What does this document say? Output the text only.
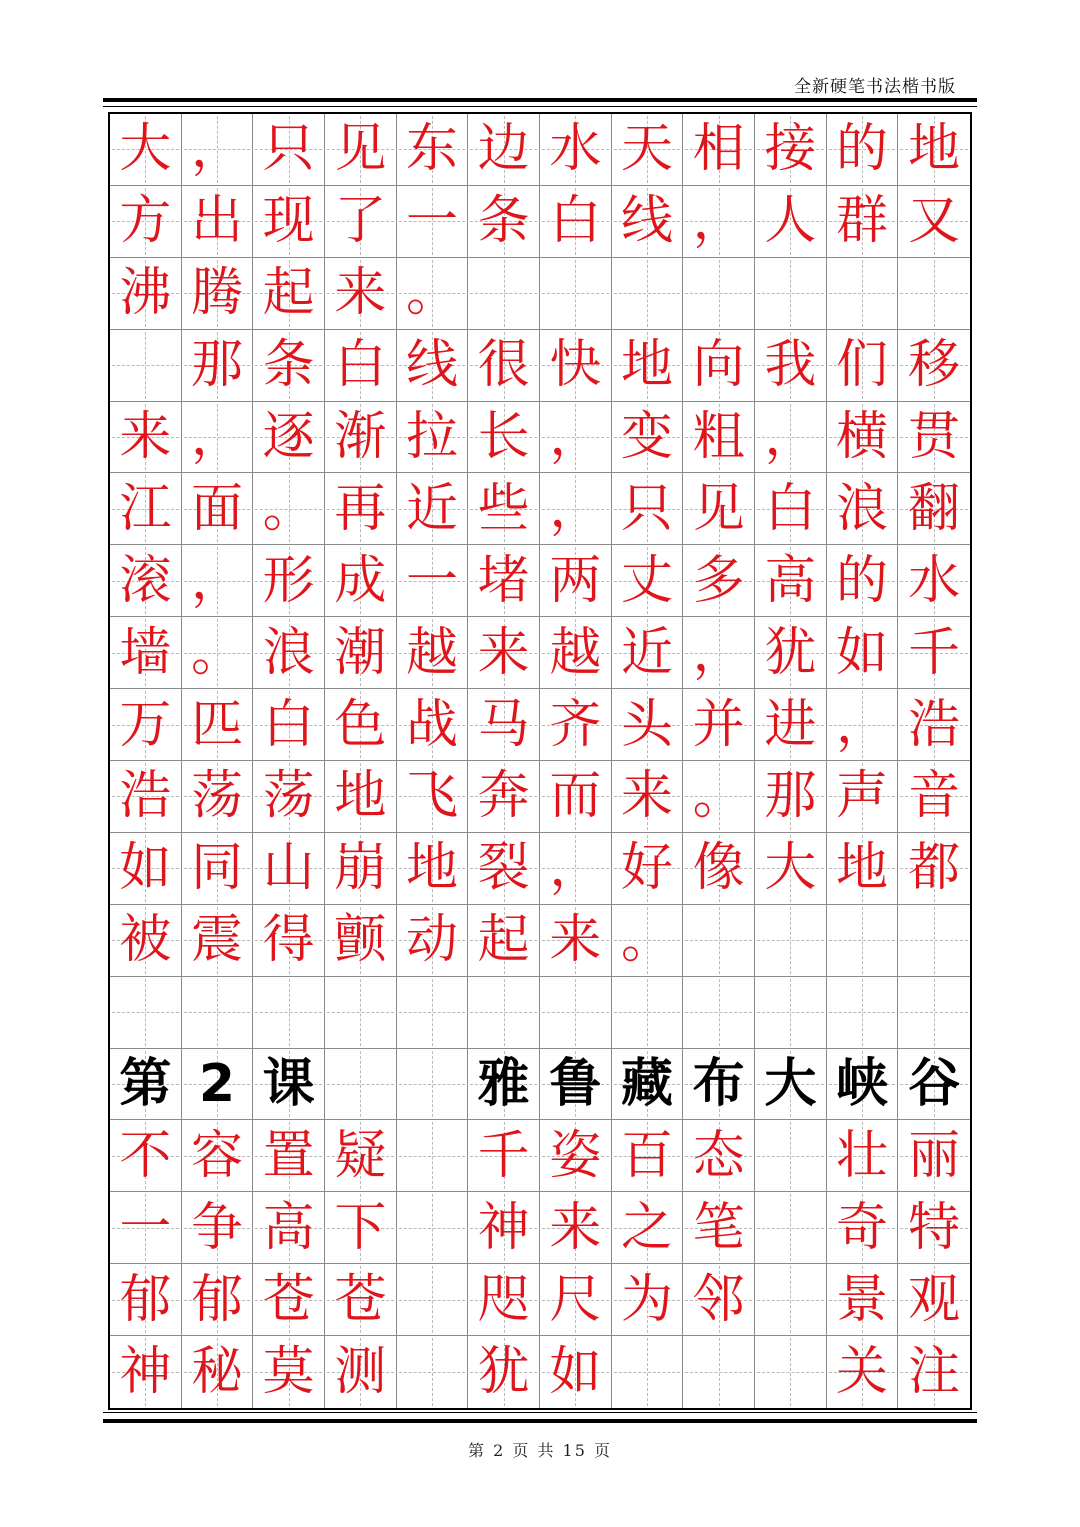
全新硬笔书法楷书版
大 ， 只 见 东 边 水 天 相 接 的 地
方 出 现 了 一 条 白 线 ， 人 群 又
沸 腾 起 来 。
那 条 白 线 很 快 地 向 我 们 移
来 ， 逐 渐 拉 长 ， 变 粗 ， 横 贯
江 面 。 再 近 些 ， 只 见 白 浪 翻
滚 ， 形 成 一 堵 两 丈 多 高 的 水
墙 。 浪 潮 越 来 越 近 ， 犹 如 千
万 匹 白 色 战 马 齐 头 并 进 ， 浩
浩 荡 荡 地 飞 奔 而 来 。 那 声 音
如 同 山 崩 地 裂 ， 好 像 大 地 都
被 震 得 颤 动 起 来 。
第 2 课	雅 鲁 藏 布 大 峡 谷
不 容 置 疑 千 姿 百 态 壮 丽
一 争 高 下 神 来 之 笔 奇 特
郁 郁 苍 苍 咫 尺 为 邻 景 观
神 秘 莫 测 犹 如	关 注
第 2 页 共 15 页
